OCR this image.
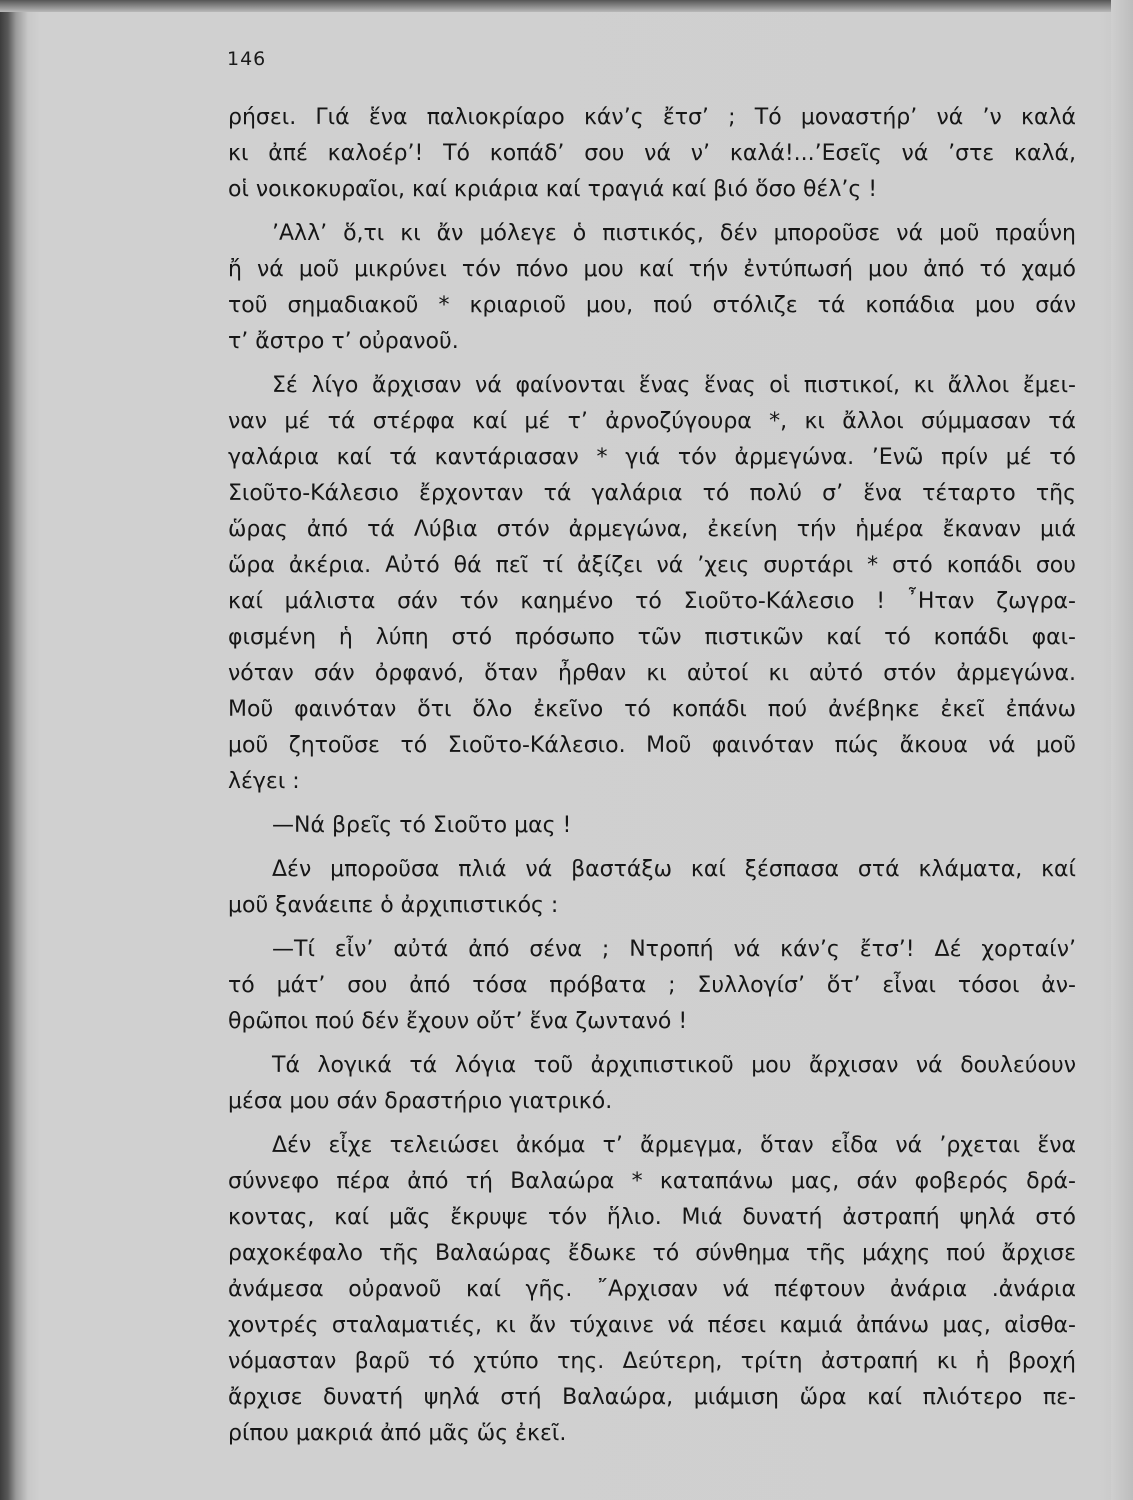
146
ρήσει. Γιά ἕνα παλιοκρίαρο κάν’ς ἔτσ’ ; Τό μοναστήρ’ νά ’ν καλά
κι ἀπέ καλοέρ’! Τό κοπάδ’ σου νά ν’ καλά!...’Εσεῖς νά ’στε καλά,
οἱ νοικοκυραῖοι, καί κριάρια καί τραγιά καί βιό ὅσο θέλ’ς !
’Αλλ’ ὅ,τι κι ἄν μόλεγε ὁ πιστικός, δέν μποροῦσε νά μοῦ πραΰνη
ἤ νά μοῦ μικρύνει τόν πόνο μου καί τήν ἐντύπωσή μου ἀπό τό χαμό
τοῦ σημαδιακοῦ * κριαριοῦ μου, πού στόλιζε τά κοπάδια μου σάν
τ’ ἄστρο τ’ οὐρανοῦ.
Σέ λίγο ἄρχισαν νά φαίνονται ἕνας ἕνας οἱ πιστικοί, κι ἄλλοι ἔμει-
ναν μέ τά στέρφα καί μέ τ’ ἀρνοζύγουρα *, κι ἄλλοι σύμμασαν τά
γαλάρια καί τά καντάριασαν * γιά τόν ἀρμεγώνα. ’Ενῶ πρίν μέ τό
Σιοῦτο-Κάλεσιο ἔρχονταν τά γαλάρια τό πολύ σ’ ἕνα τέταρτο τῆς
ὥρας ἀπό τά Λύβια στόν ἀρμεγώνα, ἐκείνη τήν ἡμέρα ἔκαναν μιά
ὥρα ἀκέρια. Αὐτό θά πεῖ τί ἀξίζει νά ’χεις συρτάρι * στό κοπάδι σου
καί μάλιστα σάν τόν καημένο τό Σιοῦτο-Κάλεσιο ! ῏Ηταν ζωγρα-
φισμένη ἡ λύπη στό πρόσωπο τῶν πιστικῶν καί τό κοπάδι φαι-
νόταν σάν ὀρφανό, ὅταν ἦρθαν κι αὐτοί κι αὐτό στόν ἀρμεγώνα.
Μοῦ φαινόταν ὅτι ὅλο ἐκεῖνο τό κοπάδι πού ἀνέβηκε ἐκεῖ ἐπάνω
μοῦ ζητοῦσε τό Σιοῦτο-Κάλεσιο. Μοῦ φαινόταν πώς ἄκουα νά μοῦ
λέγει :
—Νά βρεῖς τό Σιοῦτο μας !
Δέν μποροῦσα πλιά νά βαστάξω καί ξέσπασα στά κλάματα, καί
μοῦ ξανάειπε ὁ ἀρχιπιστικός :
—Τί εἶν’ αὐτά ἀπό σένα ; Ντροπή νά κάν’ς ἔτσ’! Δέ χορταίν’
τό μάτ’ σου ἀπό τόσα πρόβατα ; Συλλογίσ’ ὅτ’ εἶναι τόσοι ἀν-
θρῶποι πού δέν ἔχουν οὔτ’ ἕνα ζωντανό !
Τά λογικά τά λόγια τοῦ ἀρχιπιστικοῦ μου ἄρχισαν νά δουλεύουν
μέσα μου σάν δραστήριο γιατρικό.
Δέν εἶχε τελειώσει ἀκόμα τ’ ἄρμεγμα, ὅταν εἶδα νά ’ρχεται ἕνα
σύννεφο πέρα ἀπό τή Βαλαώρα * καταπάνω μας, σάν φοβερός δρά-
κοντας, καί μᾶς ἔκρυψε τόν ἥλιο. Μιά δυνατή ἀστραπή ψηλά στό
ραχοκέφαλο τῆς Βαλαώρας ἔδωκε τό σύνθημα τῆς μάχης πού ἄρχισε
ἀνάμεσα οὐρανοῦ καί γῆς. ῎Αρχισαν νά πέφτουν ἀνάρια .ἀνάρια
χοντρές σταλαματιές, κι ἄν τύχαινε νά πέσει καμιά ἀπάνω μας, αἰσθα-
νόμασταν βαρῦ τό χτύπο της. Δεύτερη, τρίτη ἀστραπή κι ἡ βροχή
ἄρχισε δυνατή ψηλά στή Βαλαώρα, μιάμιση ὥρα καί πλιότερο πε-
ρίπου μακριά ἀπό μᾶς ὥς ἐκεῖ.
